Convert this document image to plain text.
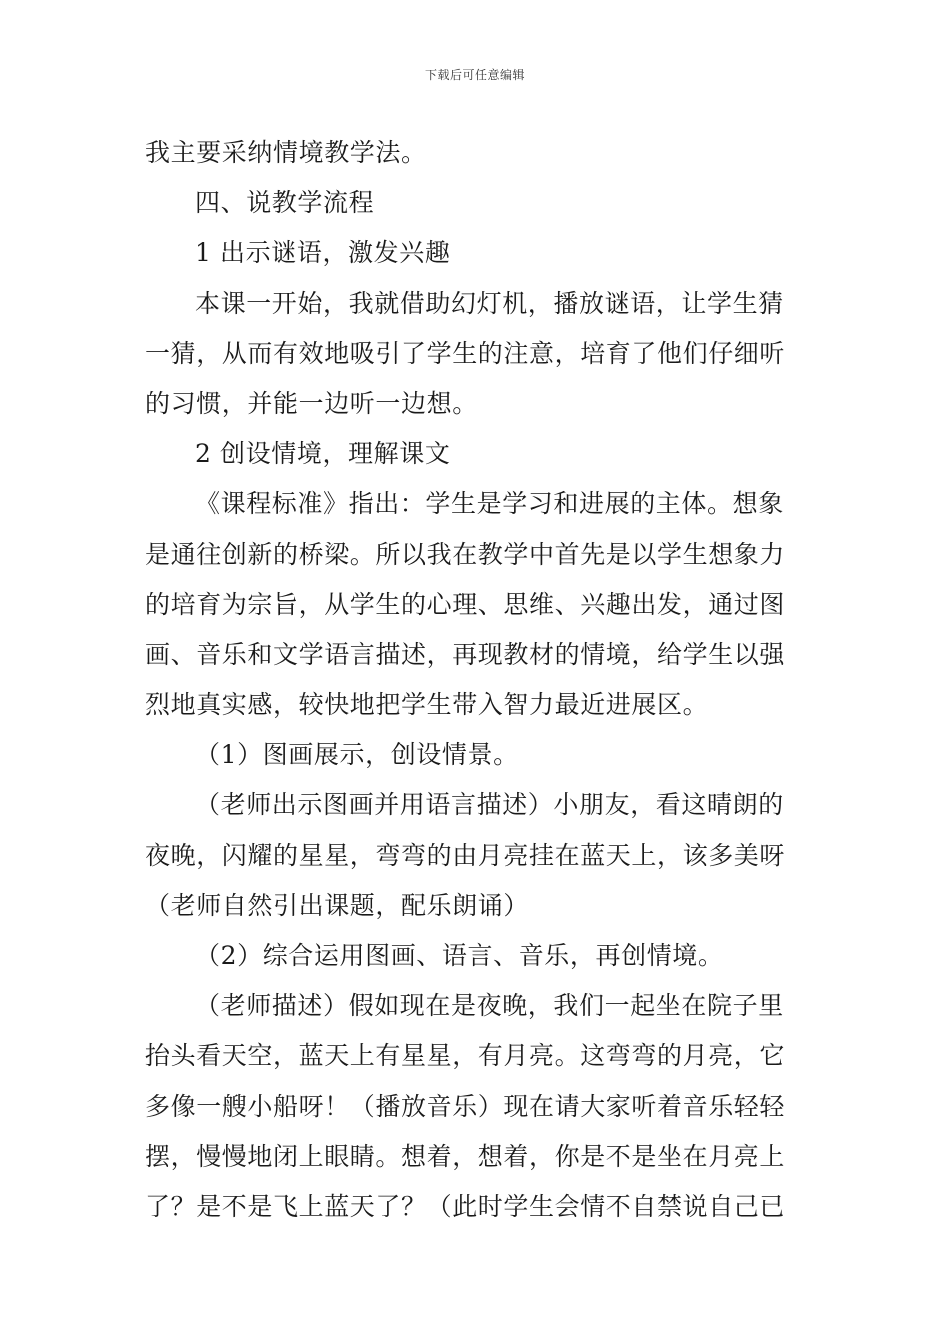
下载后可任意编辑
我主要采纳情境教学法。
四、说教学流程
1 出示谜语，激发兴趣
本课一开始，我就借助幻灯机，播放谜语，让学生猜
一猜，从而有效地吸引了学生的注意，培育了他们仔细听
的习惯，并能一边听一边想。
2 创设情境，理解课文
《课程标准》指出：学生是学习和进展的主体。想象
是通往创新的桥梁。所以我在教学中首先是以学生想象力
的培育为宗旨，从学生的心理、思维、兴趣出发，通过图
画、音乐和文学语言描述，再现教材的情境，给学生以强
烈地真实感，较快地把学生带入智力最近进展区。
（1）图画展示，创设情景。
（老师出示图画并用语言描述）小朋友，看这晴朗的
夜晚，闪耀的星星，弯弯的由月亮挂在蓝天上，该多美呀
（老师自然引出课题，配乐朗诵）
（2）综合运用图画、语言、音乐，再创情境。
（老师描述）假如现在是夜晚，我们一起坐在院子里
抬头看天空，蓝天上有星星，有月亮。这弯弯的月亮，它
多像一艘小船呀！（播放音乐）现在请大家听着音乐轻轻
摆，慢慢地闭上眼睛。想着，想着，你是不是坐在月亮上
了？是不是飞上蓝天了？（此时学生会情不自禁说自己已
